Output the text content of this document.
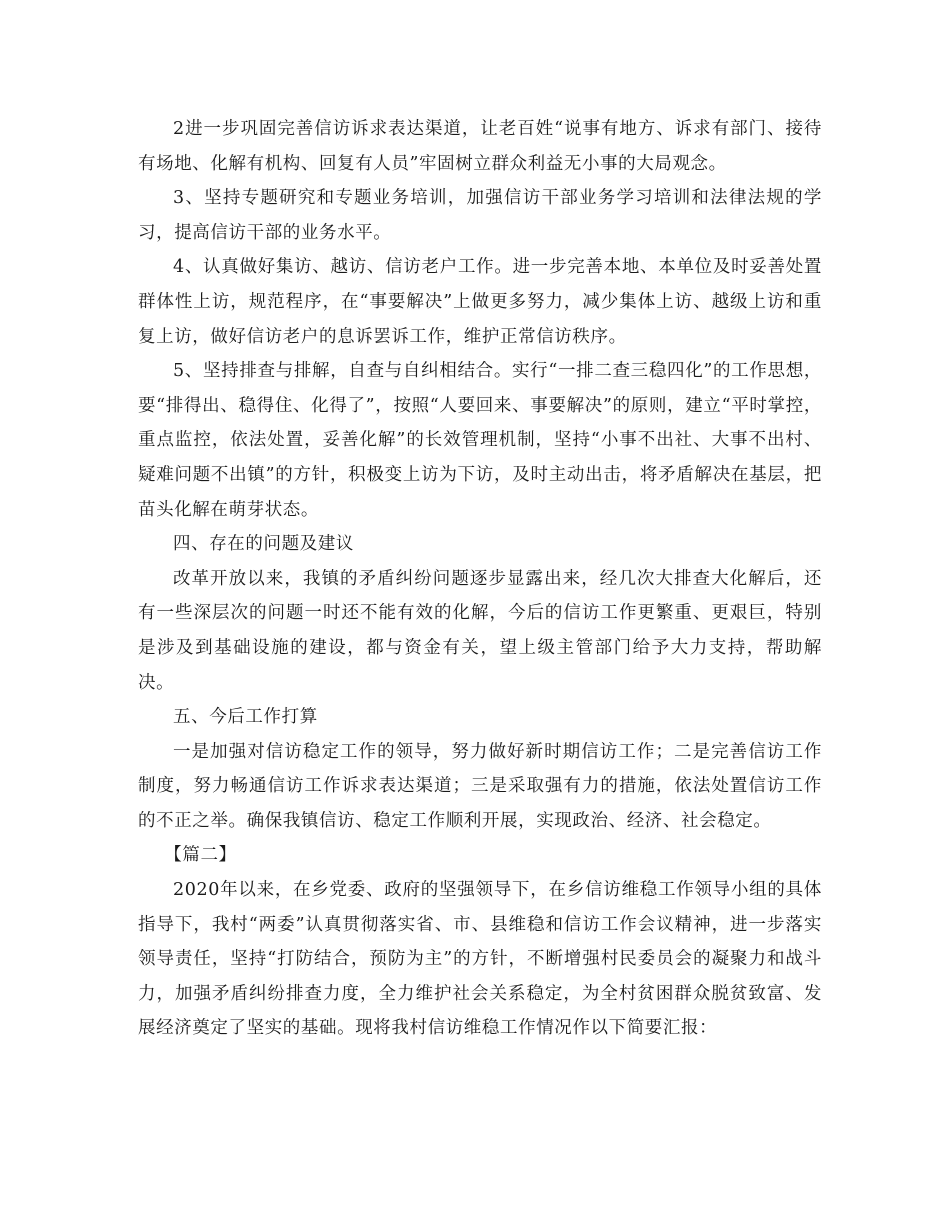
2进一步巩固完善信访诉求表达渠道，让老百姓“说事有地方、诉求有部门、接待有场地、化解有机构、回复有人员”牢固树立群众利益无小事的大局观念。

3、坚持专题研究和专题业务培训，加强信访干部业务学习培训和法律法规的学习，提高信访干部的业务水平。

4、认真做好集访、越访、信访老户工作。进一步完善本地、本单位及时妥善处置群体性上访，规范程序，在“事要解决”上做更多努力，减少集体上访、越级上访和重复上访，做好信访老户的息诉罢诉工作，维护正常信访秩序。

5、坚持排查与排解，自查与自纠相结合。实行“一排二查三稳四化”的工作思想，要“排得出、稳得住、化得了”，按照“人要回来、事要解决”的原则，建立“平时掌控，重点监控，依法处置，妥善化解”的长效管理机制，坚持“小事不出社、大事不出村、疑难问题不出镇”的方针，积极变上访为下访，及时主动出击，将矛盾解决在基层，把苗头化解在萌芽状态。

四、存在的问题及建议

改革开放以来，我镇的矛盾纠纷问题逐步显露出来，经几次大排查大化解后，还有一些深层次的问题一时还不能有效的化解，今后的信访工作更繁重、更艰巨，特别是涉及到基础设施的建设，都与资金有关，望上级主管部门给予大力支持，帮助解决。

五、今后工作打算

一是加强对信访稳定工作的领导，努力做好新时期信访工作；二是完善信访工作制度，努力畅通信访工作诉求表达渠道；三是采取强有力的措施，依法处置信访工作的不正之举。确保我镇信访、稳定工作顺利开展，实现政治、经济、社会稳定。

【篇二】

2020年以来，在乡党委、政府的坚强领导下，在乡信访维稳工作领导小组的具体指导下，我村“两委”认真贯彻落实省、市、县维稳和信访工作会议精神，进一步落实领导责任，坚持“打防结合，预防为主”的方针，不断增强村民委员会的凝聚力和战斗力，加强矛盾纠纷排查力度，全力维护社会关系稳定，为全村贫困群众脱贫致富、发展经济奠定了坚实的基础。现将我村信访维稳工作情况作以下简要汇报：
